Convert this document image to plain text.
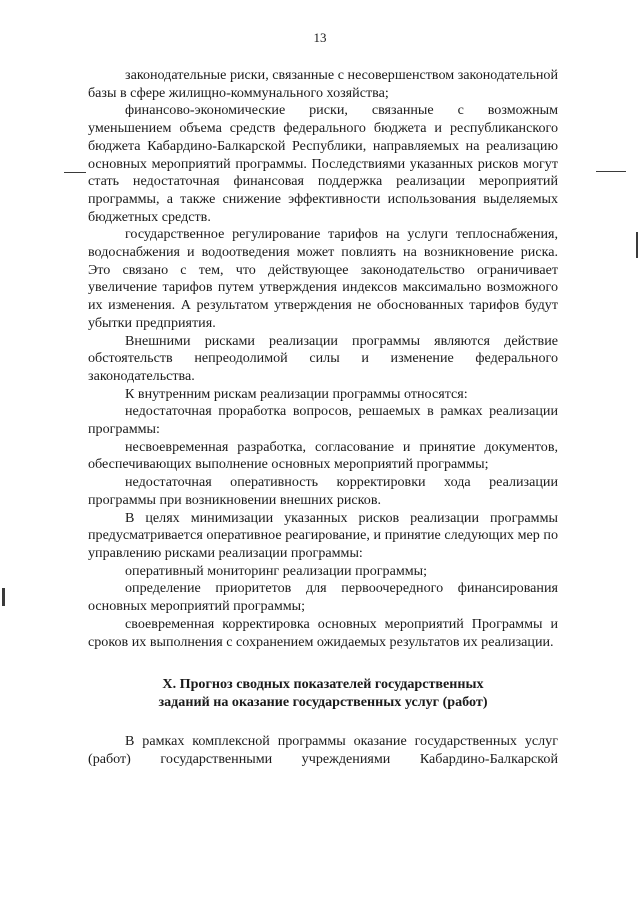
13

законодательные риски, связанные с несовершенством законодательной базы в сфере жилищно-коммунального хозяйства;

финансово-экономические риски, связанные с возможным уменьшением объема средств федерального бюджета и республиканского бюджета Кабардино-Балкарской Республики, направляемых на реализацию основных мероприятий программы. Последствиями указанных рисков могут стать недостаточная финансовая поддержка реализации мероприятий программы, а также снижение эффективности использования выделяемых бюджетных средств.

государственное регулирование тарифов на услуги теплоснабжения, водоснабжения и водоотведения может повлиять на возникновение риска. Это связано с тем, что действующее законодательство ограничивает увеличение тарифов путем утверждения индексов максимально возможного их изменения. А результатом утверждения не обоснованных тарифов будут убытки предприятия.

Внешними рисками реализации программы являются действие обстоятельств непреодолимой силы и изменение федерального законодательства.

К внутренним рискам реализации программы относятся:

недостаточная проработка вопросов, решаемых в рамках реализации программы:

несвоевременная разработка, согласование и принятие документов, обеспечивающих выполнение основных мероприятий программы;

недостаточная оперативность корректировки хода реализации программы при возникновении внешних рисков.

В целях минимизации указанных рисков реализации программы предусматривается оперативное реагирование, и принятие следующих мер по управлению рисками реализации программы:

оперативный мониторинг реализации программы;

определение приоритетов для первоочередного финансирования основных мероприятий программы;

своевременная корректировка основных мероприятий Программы и сроков их выполнения с сохранением ожидаемых результатов их реализации.

X. Прогноз сводных показателей государственных
заданий на оказание государственных услуг (работ)

В рамках комплексной программы оказание государственных услуг (работ) государственными учреждениями Кабардино-Балкарской
